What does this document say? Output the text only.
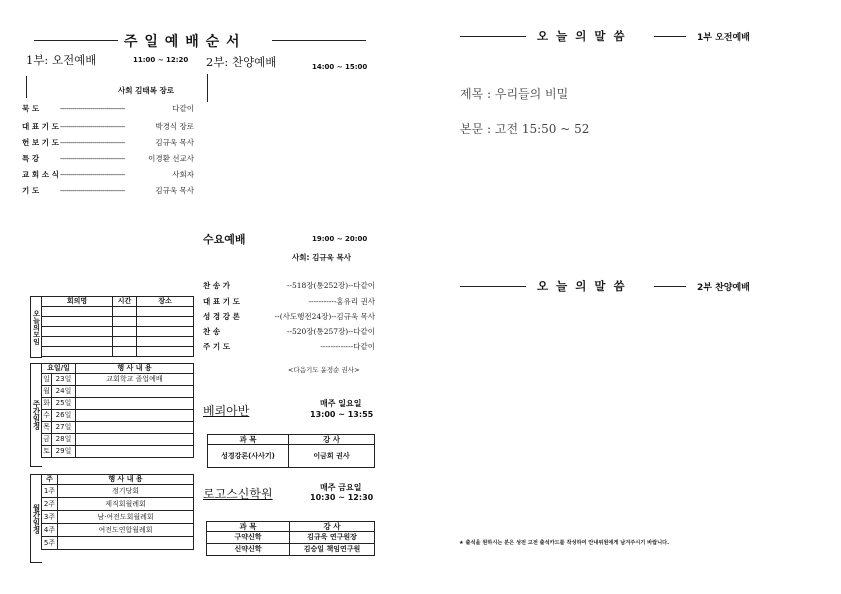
주 일 예 배 순 서
1부: 오전예배	11:00 ~ 12:20 2부: 찬양예배	14:00 ~ 15:00
사회 김태복 장로
묵 도	--------------------------------	다같이
대 표 기 도 --------------------------------	박경식 장로
헌 보 기 도 --------------------------------	김규욱 목사
특 강	--------------------------------	이경환 선교사
교 회 소 식 --------------------------------	사회자
기 도	--------------------------------	김규욱 목사
오늘의모임
회의명	시간	장소

주간일정
요일/일		행 사 내 용
일	23일	교회학교 졸업예배
월	24일	
화	25일	
수	26일	
목	27일	
금	28일	
토	29일	
월간일정
주	행 사 내 용
1주	정기당회
2주	제직회월례회
3주	남·여전도회월례회
4주	여전도연합월례회
5주	
수요예배	19:00 ~ 20:00
사회: 김규욱 목사
찬 송 가	--518장(통252장)--다같이
대 표 기 도	-----------홍유리 권사
성 경 강 론	--(사도행전24장)--김규욱 목사
찬 송	--520장(통257장)--다같이
주 기 도	-------------다같이
<다음기도 윤정순 권사>
베뢰아반
매주 일요일
13:00 ~ 13:55
과 목	강 사
성경강론(사사기)	이금희 권사
로고스신학원	매주 금요일
10:30 ~ 12:30
과 목	강 사
구약신학	김규욱 연구원장
신약신학	김승일 책임연구원
오 늘 의 말 씀	1부 오전예배
제목 : 우리들의 비밀
본문 : 고전 15:50 ~ 52
오 늘 의 말 씀	2부 찬양예배
★ 출석을 원하시는 분은 성전 고전 출석카드를 작성하여 안내위원에게 남겨주시기 바랍니다.
